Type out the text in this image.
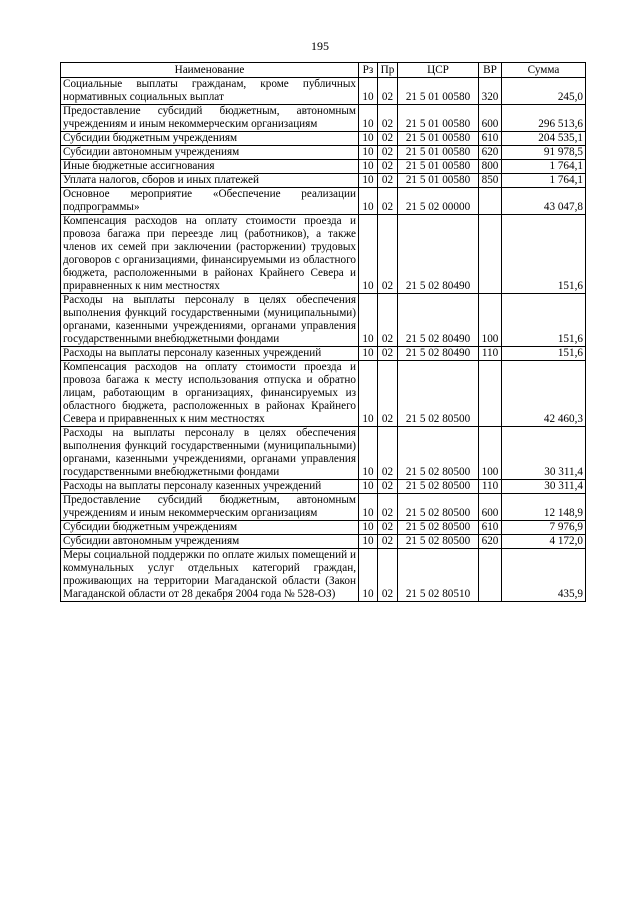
195
Наименование	Рз	Пр	ЦСР	ВР	Сумма
Социальные выплаты гражданам, кроме публичных нормативных социальных выплат	10	02	21 5 01 00580	320	245,0
Предоставление субсидий бюджетным, автономным учреждениям и иным некоммерческим организациям	10	02	21 5 01 00580	600	296 513,6
Субсидии бюджетным учреждениям	10	02	21 5 01 00580	610	204 535,1
Субсидии автономным учреждениям	10	02	21 5 01 00580	620	91 978,5
Иные бюджетные ассигнования	10	02	21 5 01 00580	800	1 764,1
Уплата налогов, сборов и иных платежей	10	02	21 5 01 00580	850	1 764,1
Основное мероприятие «Обеспечение реализации подпрограммы»	10	02	21 5 02 00000		43 047,8
Компенсация расходов на оплату стоимости проезда и провоза багажа при переезде лиц (работников), а также членов их семей при заключении (расторжении) трудовых договоров с организациями, финансируемыми из областного бюджета, расположенными в районах Крайнего Севера и приравненных к ним местностях	10	02	21 5 02 80490		151,6
Расходы на выплаты персоналу в целях обеспечения выполнения функций государственными (муниципальными) органами, казенными учреждениями, органами управления государственными внебюджетными фондами	10	02	21 5 02 80490	100	151,6
Расходы на выплаты персоналу казенных учреждений	10	02	21 5 02 80490	110	151,6
Компенсация расходов на оплату стоимости проезда и провоза багажа к месту использования отпуска и обратно лицам, работающим в организациях, финансируемых из областного бюджета, расположенных в районах Крайнего Севера и приравненных к ним местностях	10	02	21 5 02 80500		42 460,3
Расходы на выплаты персоналу в целях обеспечения выполнения функций государственными (муниципальными) органами, казенными учреждениями, органами управления государственными внебюджетными фондами	10	02	21 5 02 80500	100	30 311,4
Расходы на выплаты персоналу казенных учреждений	10	02	21 5 02 80500	110	30 311,4
Предоставление субсидий бюджетным, автономным учреждениям и иным некоммерческим организациям	10	02	21 5 02 80500	600	12 148,9
Субсидии бюджетным учреждениям	10	02	21 5 02 80500	610	7 976,9
Субсидии автономным учреждениям	10	02	21 5 02 80500	620	4 172,0
Меры социальной поддержки по оплате жилых помещений и коммунальных услуг отдельных категорий граждан, проживающих на территории Магаданской области (Закон Магаданской области от 28 декабря 2004 года № 528-ОЗ)	10	02	21 5 02 80510		435,9
